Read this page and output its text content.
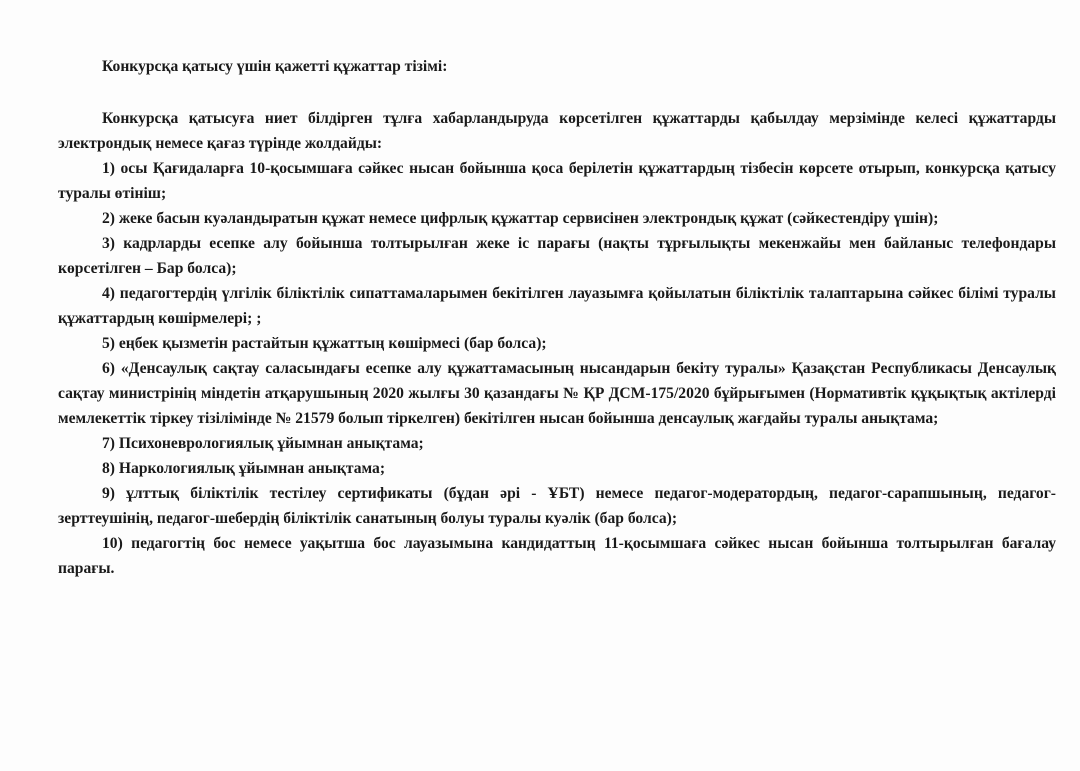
Конкурсқа қатысу үшін қажетті құжаттар тізімі:

Конкурсқа қатысуға ниет білдірген тұлға хабарландыруда көрсетілген құжаттарды қабылдау мерзімінде келесі құжаттарды электрондық немесе қағаз түрінде жолдайды:

1) осы Қағидаларға 10-қосымшаға сәйкес нысан бойынша қоса берілетін құжаттардың тізбесін көрсете отырып, конкурсқа қатысу туралы өтініш;

2) жеке басын куәландыратын құжат немесе цифрлық құжаттар сервисінен электрондық құжат (сәйкестендіру үшін);

3) кадрларды есепке алу бойынша толтырылған жеке іс парағы (нақты тұрғылықты мекенжайы мен байланыс телефондары көрсетілген – Бар болса);

4) педагогтердің үлгілік біліктілік сипаттамаларымен бекітілген лауазымға қойылатын біліктілік талаптарына сәйкес білімі туралы құжаттардың көшірмелері; ;

5) еңбек қызметін растайтын құжаттың көшірмесі (бар болса);

6) «Денсаулық сақтау саласындағы есепке алу құжаттамасының нысандарын бекіту туралы» Қазақстан Республикасы Денсаулық сақтау министрінің міндетін атқарушының 2020 жылғы 30 қазандағы № ҚР ДСМ-175/2020 бұйрығымен (Нормативтік құқықтық актілерді мемлекеттік тіркеу тізілімінде № 21579 болып тіркелген) бекітілген нысан бойынша денсаулық жағдайы туралы анықтама;

7) Психоневрологиялық ұйымнан анықтама;

8) Наркологиялық ұйымнан анықтама;

9) ұлттық біліктілік тестілеу сертификаты (бұдан әрі - ҰБТ) немесе педагог-модератордың, педагог-сарапшының, педагог-зерттеушінің, педагог-шебердің біліктілік санатының болуы туралы куәлік (бар болса);

10) педагогтің бос немесе уақытша бос лауазымына кандидаттың 11-қосымшаға сәйкес нысан бойынша толтырылған бағалау парағы.
